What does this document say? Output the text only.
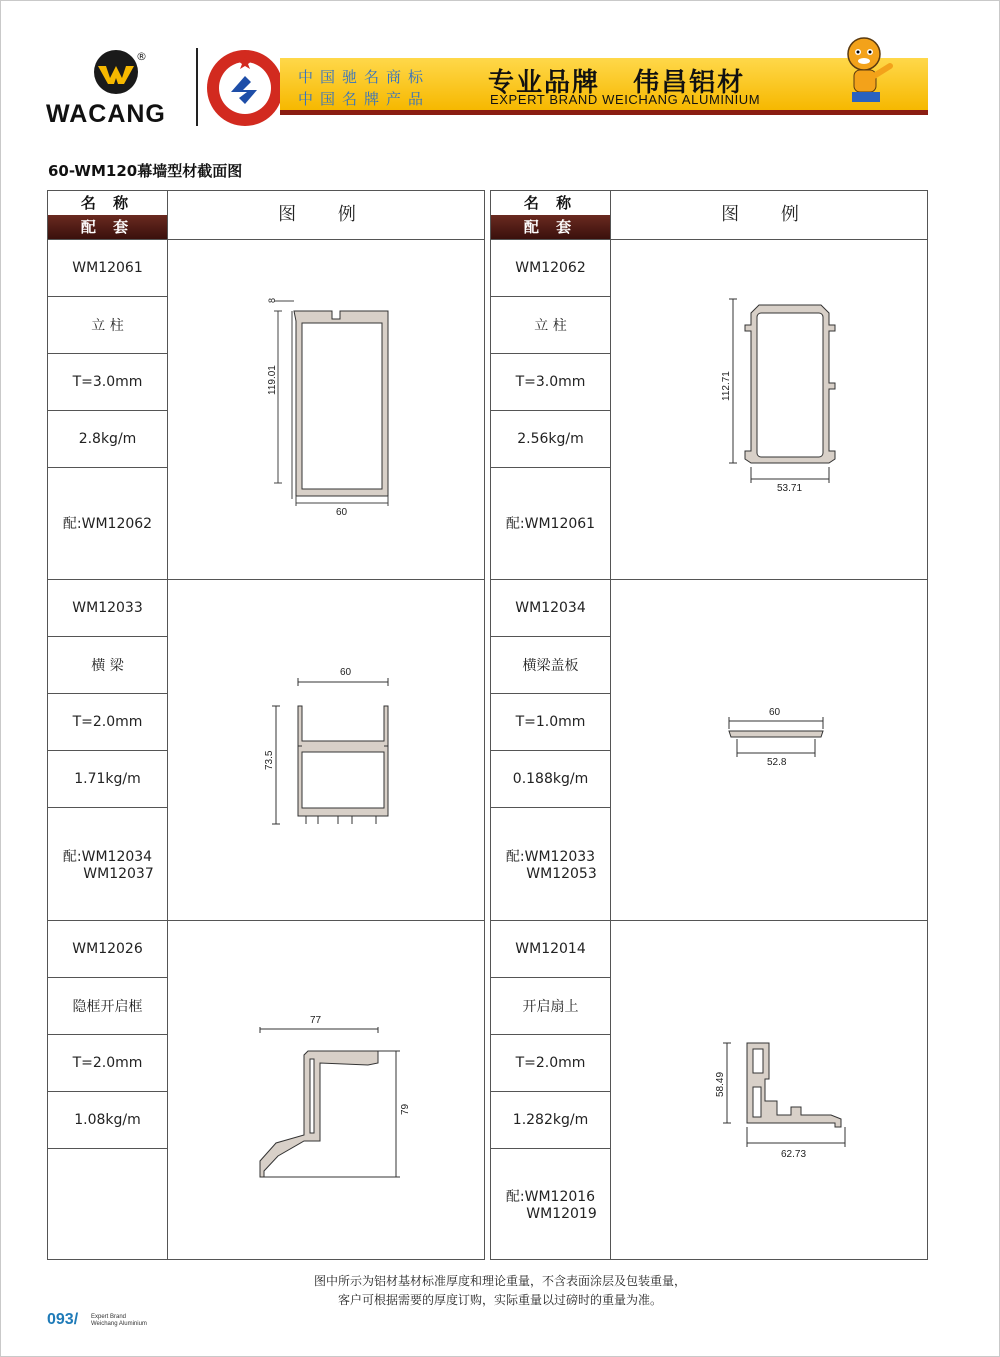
®
WACANG
中国驰名商标
中国名牌产品
专业品牌 伟昌铝材
EXPERT BRAND WEICHANG ALUMINIUM
60-WM120幕墙型材截面图
名 称
配 套
图 例
WM12061
立 柱
T=3.0mm
2.8kg/m
配:WM12062
119.01
8
60
WM12033
横 梁
T=2.0mm
1.71kg/m
配:WM12034
WM12037
60
73.5
WM12026
隐框开启框
T=2.0mm
1.08kg/m
77
79
名 称
配 套
图 例
WM12062
立 柱
T=3.0mm
2.56kg/m
配:WM12061
112.71
53.71
WM12034
横梁盖板
T=1.0mm
0.188kg/m
配:WM12033
WM12053
60
52.8
WM12014
开启扇上
T=2.0mm
1.282kg/m
配:WM12016
WM12019
58.49
62.73
图中所示为铝材基材标准厚度和理论重量，不含表面涂层及包装重量，
客户可根据需要的厚度订购，实际重量以过磅时的重量为准。
093/ Expert Brand
Weichang Aluminium
